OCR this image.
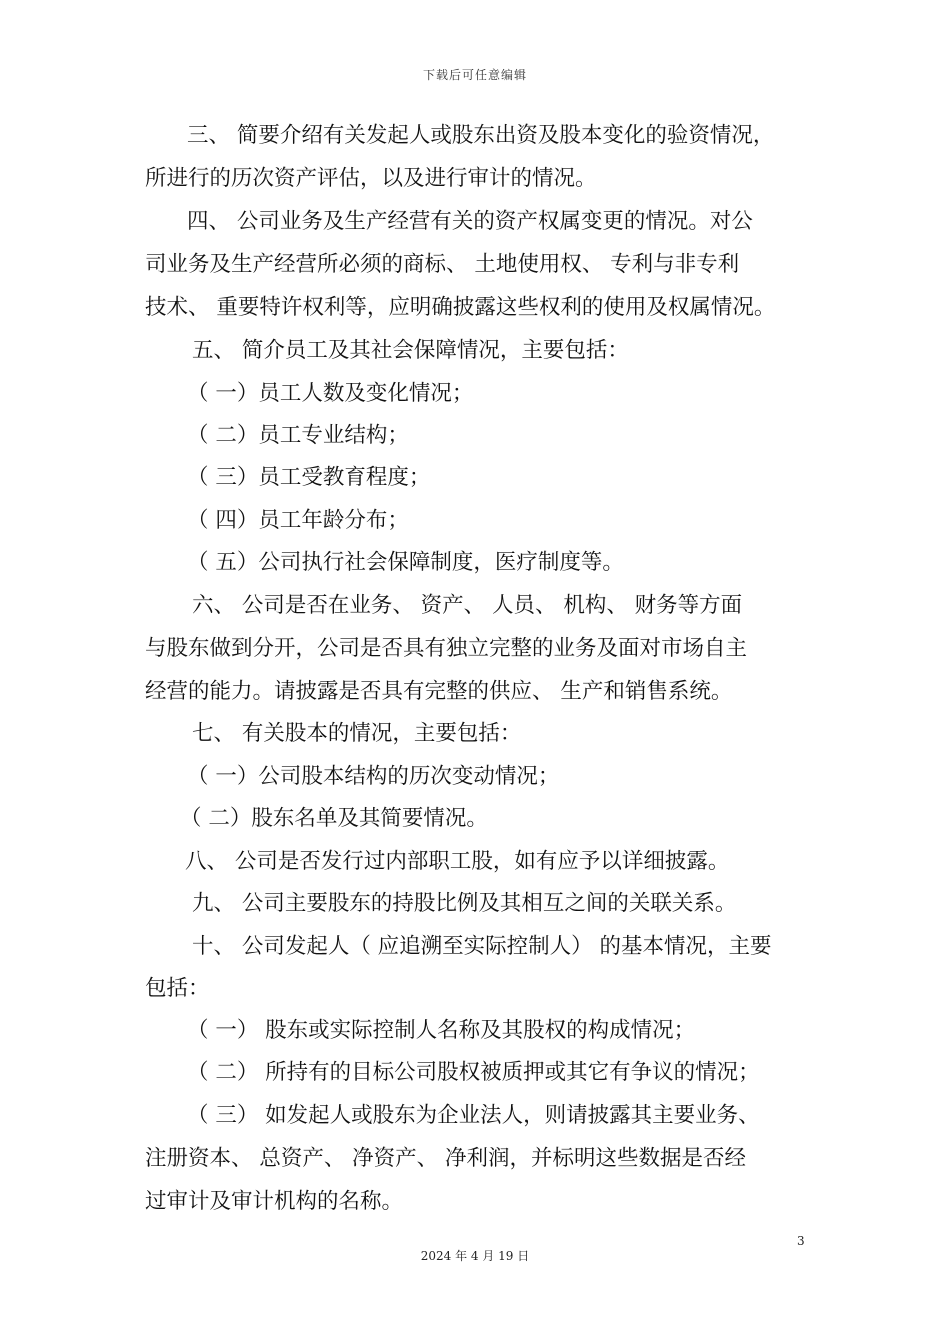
下载后可任意编辑
三、 简要介绍有关发起人或股东出资及股本变化的验资情况，
所进行的历次资产评估，以及进行审计的情况。
四、 公司业务及生产经营有关的资产权属变更的情况。对公
司业务及生产经营所必须的商标、 土地使用权、 专利与非专利
技术、 重要特许权利等，应明确披露这些权利的使用及权属情况。
五、 简介员工及其社会保障情况，主要包括：
（ 一）员工人数及变化情况；
（ 二）员工专业结构；
（ 三）员工受教育程度；
（ 四）员工年龄分布；
（ 五）公司执行社会保障制度，医疗制度等。
六、 公司是否在业务、 资产、 人员、 机构、 财务等方面
与股东做到分开，公司是否具有独立完整的业务及面对市场自主
经营的能力。请披露是否具有完整的供应、 生产和销售系统。
七、 有关股本的情况，主要包括：
（ 一）公司股本结构的历次变动情况；
（ 二）股东名单及其简要情况。
八、 公司是否发行过内部职工股，如有应予以详细披露。
九、 公司主要股东的持股比例及其相互之间的关联关系。
十、 公司发起人（ 应追溯至实际控制人） 的基本情况，主要
包括：
（ 一） 股东或实际控制人名称及其股权的构成情况；
（ 二） 所持有的目标公司股权被质押或其它有争议的情况；
（ 三） 如发起人或股东为企业法人，则请披露其主要业务、
注册资本、 总资产、 净资产、 净利润，并标明这些数据是否经
过审计及审计机构的名称。
3
2024 年 4 月 19 日
